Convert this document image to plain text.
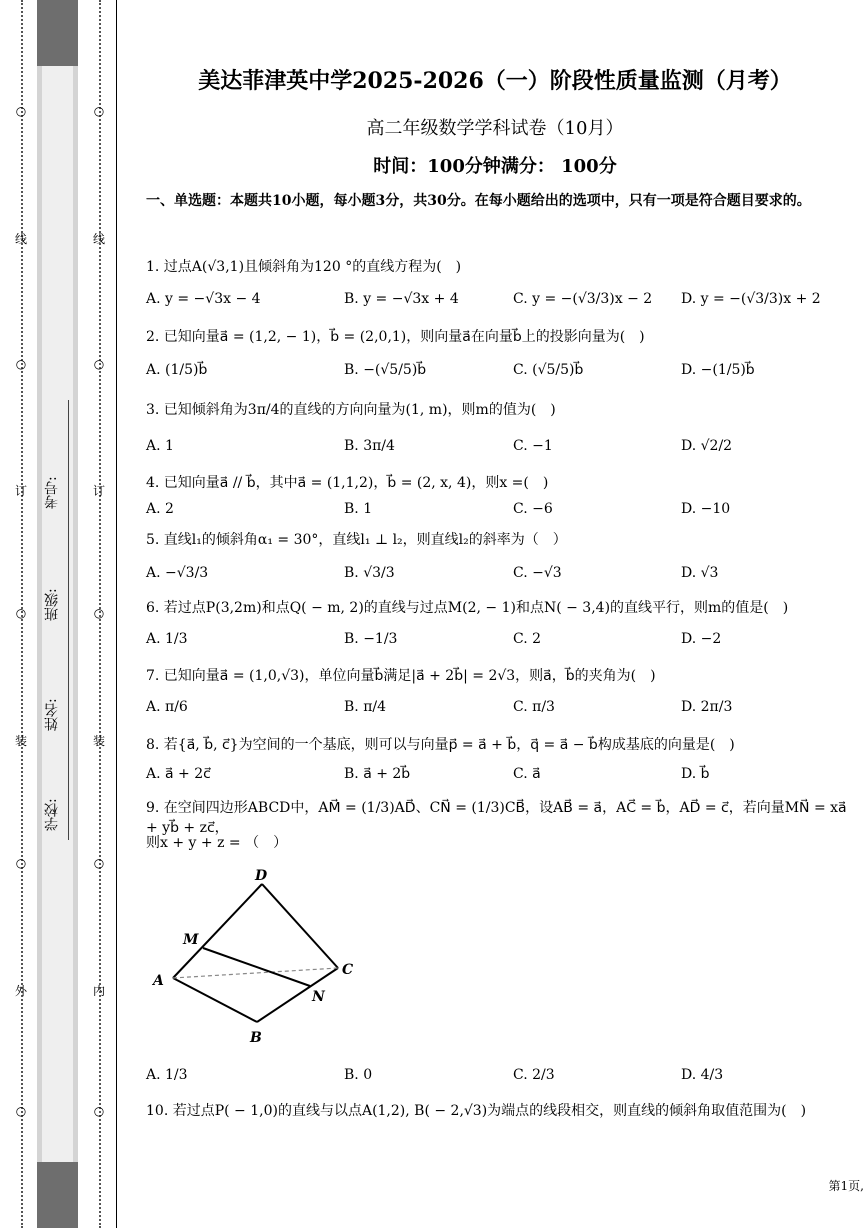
○
○
○
○
○
线
订
装
外
学校:
姓名:
班级:
考号:
○
○
○
○
○
线
订
装
内
美达菲津英中学2025-2026（一）阶段性质量监测（月考）
高二年级数学学科试卷（10月）
时间：100分钟满分： 100分
一、单选题：本题共10小题，每小题3分，共30分。在每小题给出的选项中，只有一项是符合题目要求的。
1. 过点A(√3,1)且倾斜角为120 °的直线方程为(　)
A. y = −√3x − 4	B. y = −√3x + 4	C. y = −(√3/3)x − 2 D. y = −(√3/3)x + 2
2. 已知向量a⃗ = (1,2, − 1)，b⃗ = (2,0,1)，则向量a⃗在向量b⃗上的投影向量为(　)
A. (1/5)b⃗	B. −(√5/5)b⃗	C. (√5/5)b⃗	D. −(1/5)b⃗
3. 已知倾斜角为3π/4的直线的方向向量为(1, m)，则m的值为(　)
A. 1	B. 3π/4	C. −1	D. √2/2
4. 已知向量a⃗ // b⃗，其中a⃗ = (1,1,2)，b⃗ = (2, x, 4)，则x =(　)
A. 2	B. 1	C. −6	D. −10
5. 直线l₁的倾斜角α₁ = 30°，直线l₁ ⊥ l₂，则直线l₂的斜率为（　）
A. −√3/3	B. √3/3	C. −√3	D. √3
6. 若过点P(3,2m)和点Q( − m, 2)的直线与过点M(2, − 1)和点N( − 3,4)的直线平行，则m的值是(　)
A. 1/3	B. −1/3	C. 2	D. −2
7. 已知向量a⃗ = (1,0,√3)，单位向量b⃗满足|a⃗ + 2b⃗| = 2√3，则a⃗，b⃗的夹角为(　)
A. π/6	B. π/4	C. π/3	D. 2π/3
8. 若{a⃗, b⃗, c⃗}为空间的一个基底，则可以与向量p⃗ = a⃗ + b⃗，q⃗ = a⃗ − b⃗构成基底的向量是(　)
A. a⃗ + 2c⃗	B. a⃗ + 2b⃗	C. a⃗	D. b⃗
9. 在空间四边形ABCD中，AM⃗ = (1/3)AD⃗、CN⃗ = (1/3)CB⃗，设AB⃗ = a⃗，AC⃗ = b⃗，AD⃗ = c⃗，若向量MN⃗ = xa⃗ + yb⃗ + zc⃗，
则x + y + z = （　）
D
M
A
C
N
B
A. 1/3	B. 0	C. 2/3	D. 4/3
10. 若过点P( − 1,0)的直线与以点A(1,2), B( − 2,√3)为端点的线段相交，则直线的倾斜角取值范围为(　)
第1页,
